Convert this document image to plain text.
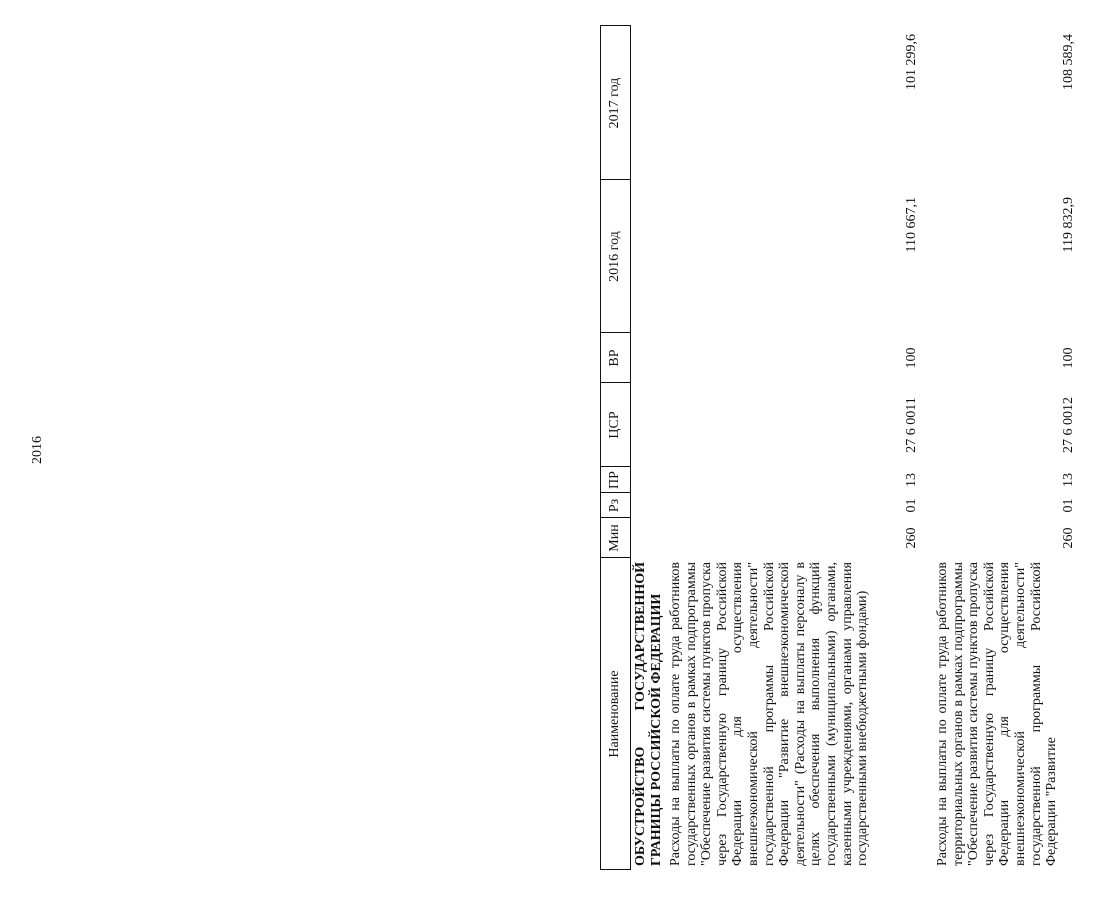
2016
Наименование
Мин
Рз
ПР
ЦСР
ВР
2016 год
2017 год
ОБУСТРОЙСТВО ГОСУДАРСТВЕННОЙ ГРАНИЦЫ РОССИЙСКОЙ ФЕДЕРАЦИИ Расходы на выплаты по оплате труда работников государственных органов в рамках подпрограммы "Обеспечение развития системы пунктов пропуска через Государственную границу Российской Федерации для осуществления внешнеэкономической деятельности" государственной программы Российской Федерации "Развитие внешнеэкономической деятельности" (Расходы на выплаты персоналу в целях обеспечения выполнения функций государственными (муниципальными) органами, казенными учреждениями, органами управления государственными внебюджетными фондами)
260
01
13
27 6 0011
100
110 667,1
101 299,6
Расходы на выплаты по оплате труда работников территориальных органов в рамках подпрограммы "Обеспечение развития системы пунктов пропуска через Государственную границу Российской Федерации для осуществления внешнеэкономической деятельности" государственной программы Российской Федерации "Развитие
260
01
13
27 6 0012
100
119 832,9
108 589,4
